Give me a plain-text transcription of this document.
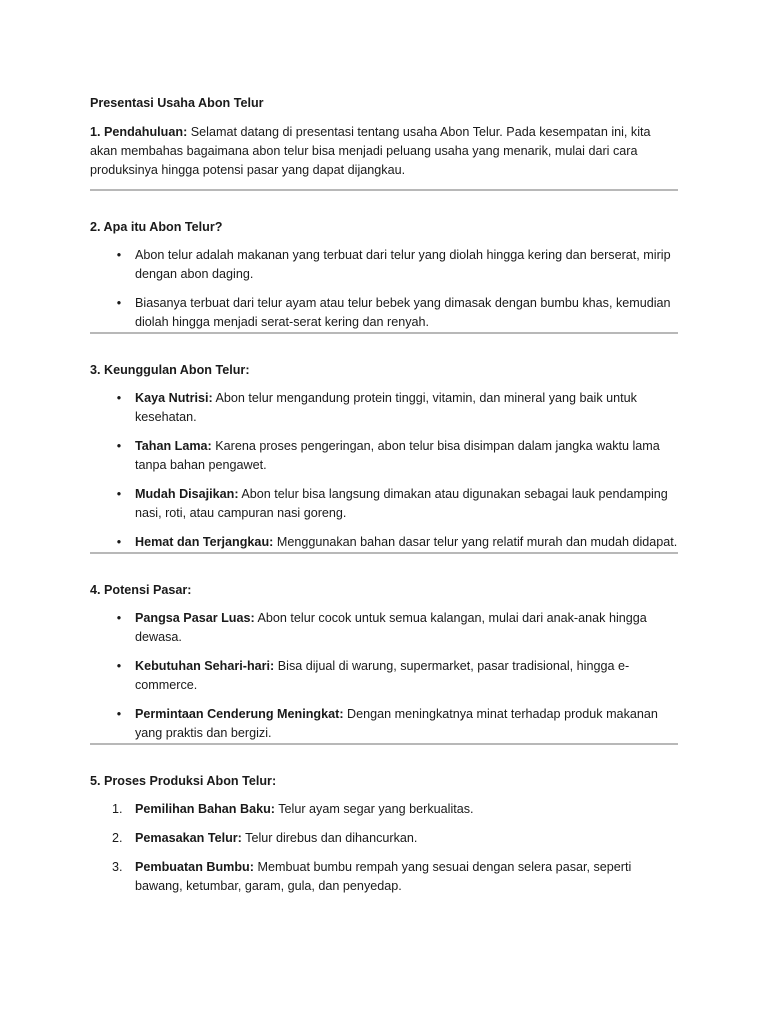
Presentasi Usaha Abon Telur

1. Pendahuluan: Selamat datang di presentasi tentang usaha Abon Telur. Pada kesempatan ini, kita akan membahas bagaimana abon telur bisa menjadi peluang usaha yang menarik, mulai dari cara produksinya hingga potensi pasar yang dapat dijangkau.

2. Apa itu Abon Telur?
• Abon telur adalah makanan yang terbuat dari telur yang diolah hingga kering dan berserat, mirip dengan abon daging.
• Biasanya terbuat dari telur ayam atau telur bebek yang dimasak dengan bumbu khas, kemudian diolah hingga menjadi serat-serat kering dan renyah.
3. Keunggulan Abon Telur:
• Kaya Nutrisi: Abon telur mengandung protein tinggi, vitamin, dan mineral yang baik untuk kesehatan.
• Tahan Lama: Karena proses pengeringan, abon telur bisa disimpan dalam jangka waktu lama tanpa bahan pengawet.
• Mudah Disajikan: Abon telur bisa langsung dimakan atau digunakan sebagai lauk pendamping nasi, roti, atau campuran nasi goreng.
• Hemat dan Terjangkau: Menggunakan bahan dasar telur yang relatif murah dan mudah didapat.
4. Potensi Pasar:
• Pangsa Pasar Luas: Abon telur cocok untuk semua kalangan, mulai dari anak-anak hingga dewasa.
• Kebutuhan Sehari-hari: Bisa dijual di warung, supermarket, pasar tradisional, hingga e-commerce.
• Permintaan Cenderung Meningkat: Dengan meningkatnya minat terhadap produk makanan yang praktis dan bergizi.
5. Proses Produksi Abon Telur:
1. Pemilihan Bahan Baku: Telur ayam segar yang berkualitas.
2. Pemasakan Telur: Telur direbus dan dihancurkan.
3. Pembuatan Bumbu: Membuat bumbu rempah yang sesuai dengan selera pasar, seperti bawang, ketumbar, garam, gula, dan penyedap.
